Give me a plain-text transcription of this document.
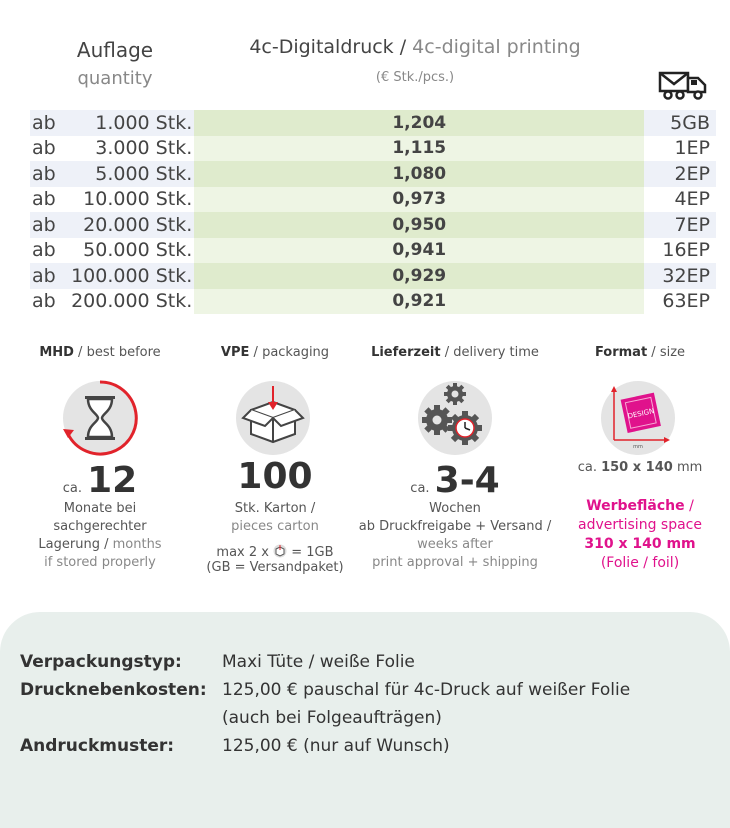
Auflage
quantity
4c-Digitaldruck / 4c-digital printing
(€ Stk./pcs.)
ab	1.000 Stk.	1,204	5GB
ab	3.000 Stk.	1,115	1EP
ab	5.000 Stk.	1,080	2EP
ab	10.000 Stk.	0,973	4EP
ab	20.000 Stk.	0,950	7EP
ab	50.000 Stk.	0,941	16EP
ab	100.000 Stk.	0,929	32EP
ab	200.000 Stk.	0,921	63EP
MHD / best before
ca. 12
Monate bei
sachgerechter
Lagerung / months
if stored properly
VPE / packaging
100
Stk. Karton /
pieces carton
max 2 x = 1GB
(GB = Versandpaket)
Lieferzeit / delivery time
ca. 3-4
Wochen
ab Druckfreigabe + Versand /
weeks after
print approval + shipping
Format / size
DESIGN
mm
ca. 150 x 140 mm
Werbefläche /
advertising space
310 x 140 mm
(Folie / foil)
Verpackungstyp: Maxi Tüte / weiße Folie
Drucknebenkosten: 125,00 € pauschal für 4c-Druck auf weißer Folie
(auch bei Folgeaufträgen)
Andruckmuster:	125,00 € (nur auf Wunsch)
